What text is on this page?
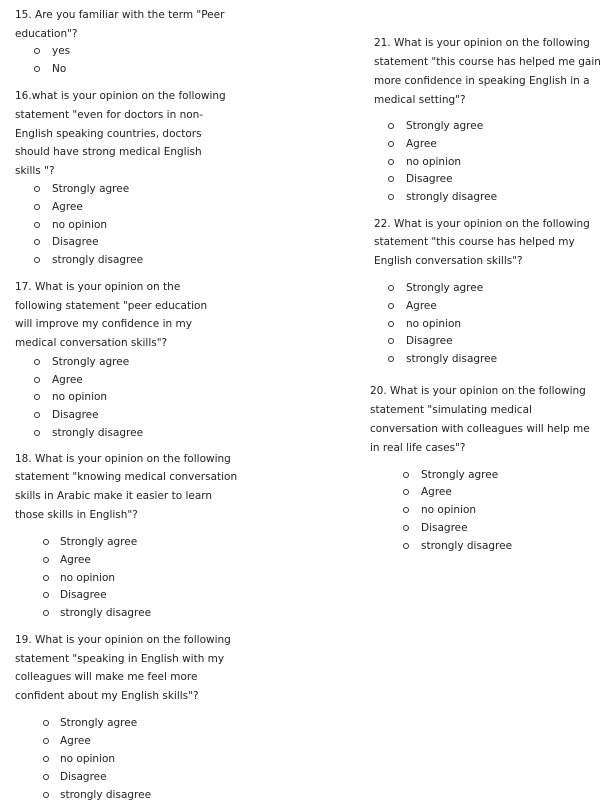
15. Are you familiar with the term "Peer
education"?
yes
No
16.what is your opinion on the following
statement "even for doctors in non-
English speaking countries, doctors
should have strong medical English
skills "?
Strongly agree
Agree
no opinion
Disagree
strongly disagree
17. What is your opinion on the
following statement "peer education
will improve my confidence in my
medical conversation skills"?
Strongly agree
Agree
no opinion
Disagree
strongly disagree
18. What is your opinion on the following
statement "knowing medical conversation
skills in Arabic make it easier to learn
those skills in English"?
Strongly agree
Agree
no opinion
Disagree
strongly disagree
19. What is your opinion on the following
statement "speaking in English with my
colleagues will make me feel more
confident about my English skills"?
Strongly agree
Agree
no opinion
Disagree
strongly disagree
21. What is your opinion on the following
statement "this course has helped me gain
more confidence in speaking English in a
medical setting"?
Strongly agree
Agree
no opinion
Disagree
strongly disagree
22. What is your opinion on the following
statement "this course has helped my
English conversation skills"?
Strongly agree
Agree
no opinion
Disagree
strongly disagree
20. What is your opinion on the following
statement "simulating medical
conversation with colleagues will help me
in real life cases"?
Strongly agree
Agree
no opinion
Disagree
strongly disagree
